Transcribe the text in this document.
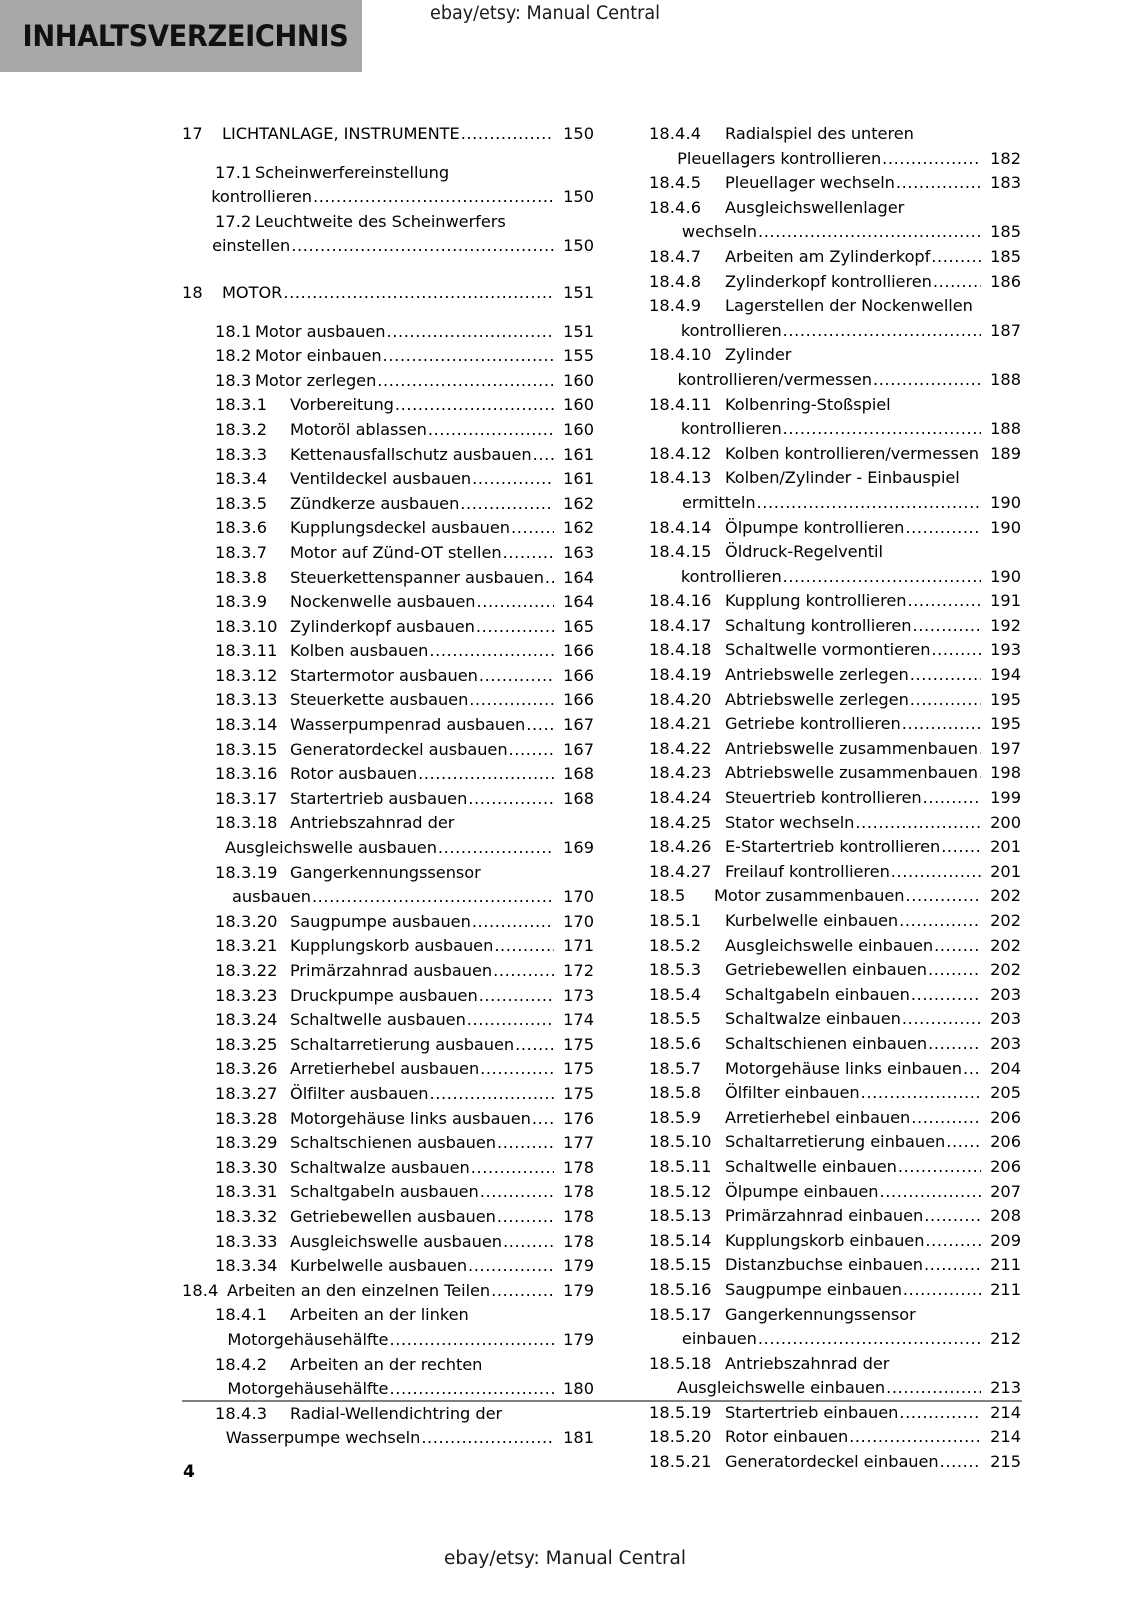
INHALTSVERZEICHNIS
ebay/etsy: Manual Central
17	LICHTANLAGE, INSTRUMENTE .....	150
17.1 Scheinwerfereinstellung
kontrollieren .....	150
17.2 Leuchtweite des Scheinwerfers
einstellen .....	150
18	MOTOR .....	151
18.1 Motor ausbauen .....	151
18.2 Motor einbauen .....	155
18.3 Motor zerlegen .....	160
18.3.1	Vorbereitung .....	160
18.3.2	Motoröl ablassen .....	160
18.3.3	Kettenausfallschutz ausbauen .....	161
18.3.4	Ventildeckel ausbauen .....	161
18.3.5	Zündkerze ausbauen .....	162
18.3.6	Kupplungsdeckel ausbauen .....	162
18.3.7	Motor auf Zünd-OT stellen .....	163
18.3.8	Steuerkettenspanner ausbauen .....	164
18.3.9	Nockenwelle ausbauen .....	164
18.3.10 Zylinderkopf ausbauen .....	165
18.3.11 Kolben ausbauen .....	166
18.3.12 Startermotor ausbauen .....	166
18.3.13 Steuerkette ausbauen .....	166
18.3.14 Wasserpumpenrad ausbauen .....	167
18.3.15 Generatordeckel ausbauen .....	167
18.3.16 Rotor ausbauen .....	168
18.3.17 Startertrieb ausbauen .....	168
18.3.18 Antriebszahnrad der
Ausgleichswelle ausbauen .....	169
18.3.19 Gangerkennungssensor
ausbauen .....	170
18.3.20 Saugpumpe ausbauen .....	170
18.3.21 Kupplungskorb ausbauen .....	171
18.3.22 Primärzahnrad ausbauen .....	172
18.3.23 Druckpumpe ausbauen .....	173
18.3.24 Schaltwelle ausbauen .....	174
18.3.25 Schaltarretierung ausbauen .....	175
18.3.26 Arretierhebel ausbauen .....	175
18.3.27 Ölfilter ausbauen .....	175
18.3.28 Motorgehäuse links ausbauen .....	176
18.3.29 Schaltschienen ausbauen .....	177
18.3.30 Schaltwalze ausbauen .....	178
18.3.31 Schaltgabeln ausbauen .....	178
18.3.32 Getriebewellen ausbauen .....	178
18.3.33 Ausgleichswelle ausbauen .....	178
18.3.34 Kurbelwelle ausbauen .....	179
18.4 Arbeiten an den einzelnen Teilen .....	179
18.4.1	Arbeiten an der linken
Motorgehäusehälfte .....	179
18.4.2	Arbeiten an der rechten
Motorgehäusehälfte .....	180
18.4.3	Radial-Wellendichtring der
Wasserpumpe wechseln .....	181
18.4.4	Radialspiel des unteren
Pleuellagers kontrollieren .....	182
18.4.5	Pleuellager wechseln .....	183
18.4.6	Ausgleichswellenlager
wechseln .....	185
18.4.7	Arbeiten am Zylinderkopf .....	185
18.4.8	Zylinderkopf kontrollieren .....	186
18.4.9	Lagerstellen der Nockenwellen
kontrollieren .....	187
18.4.10 Zylinder
kontrollieren/vermessen .....	188
18.4.11 Kolbenring-Stoßspiel
kontrollieren .....	188
18.4.12 Kolben kontrollieren/vermessen ..... 189
18.4.13 Kolben/Zylinder - Einbauspiel
ermitteln .....	190
18.4.14 Ölpumpe kontrollieren .....	190
18.4.15 Öldruck-Regelventil
kontrollieren .....	190
18.4.16 Kupplung kontrollieren .....	191
18.4.17 Schaltung kontrollieren .....	192
18.4.18 Schaltwelle vormontieren .....	193
18.4.19 Antriebswelle zerlegen .....	194
18.4.20 Abtriebswelle zerlegen .....	195
18.4.21 Getriebe kontrollieren .....	195
18.4.22 Antriebswelle zusammenbauen ..... 197
18.4.23 Abtriebswelle zusammenbauen ..... 198
18.4.24 Steuertrieb kontrollieren .....	199
18.4.25 Stator wechseln .....	200
18.4.26 E-Startertrieb kontrollieren .....	201
18.4.27 Freilauf kontrollieren .....	201
18.5	Motor zusammenbauen .....	202
18.5.1	Kurbelwelle einbauen .....	202
18.5.2	Ausgleichswelle einbauen .....	202
18.5.3	Getriebewellen einbauen .....	202
18.5.4	Schaltgabeln einbauen .....	203
18.5.5	Schaltwalze einbauen .....	203
18.5.6	Schaltschienen einbauen .....	203
18.5.7	Motorgehäuse links einbauen .....	204
18.5.8	Ölfilter einbauen .....	205
18.5.9	Arretierhebel einbauen .....	206
18.5.10 Schaltarretierung einbauen .....	206
18.5.11 Schaltwelle einbauen .....	206
18.5.12 Ölpumpe einbauen .....	207
18.5.13 Primärzahnrad einbauen .....	208
18.5.14 Kupplungskorb einbauen .....	209
18.5.15 Distanzbuchse einbauen .....	211
18.5.16 Saugpumpe einbauen .....	211
18.5.17 Gangerkennungssensor
einbauen .....	212
18.5.18 Antriebszahnrad der
Ausgleichswelle einbauen .....	213
18.5.19 Startertrieb einbauen .....	214
18.5.20 Rotor einbauen .....	214
18.5.21 Generatordeckel einbauen .....	215
4
ebay/etsy: Manual Central
